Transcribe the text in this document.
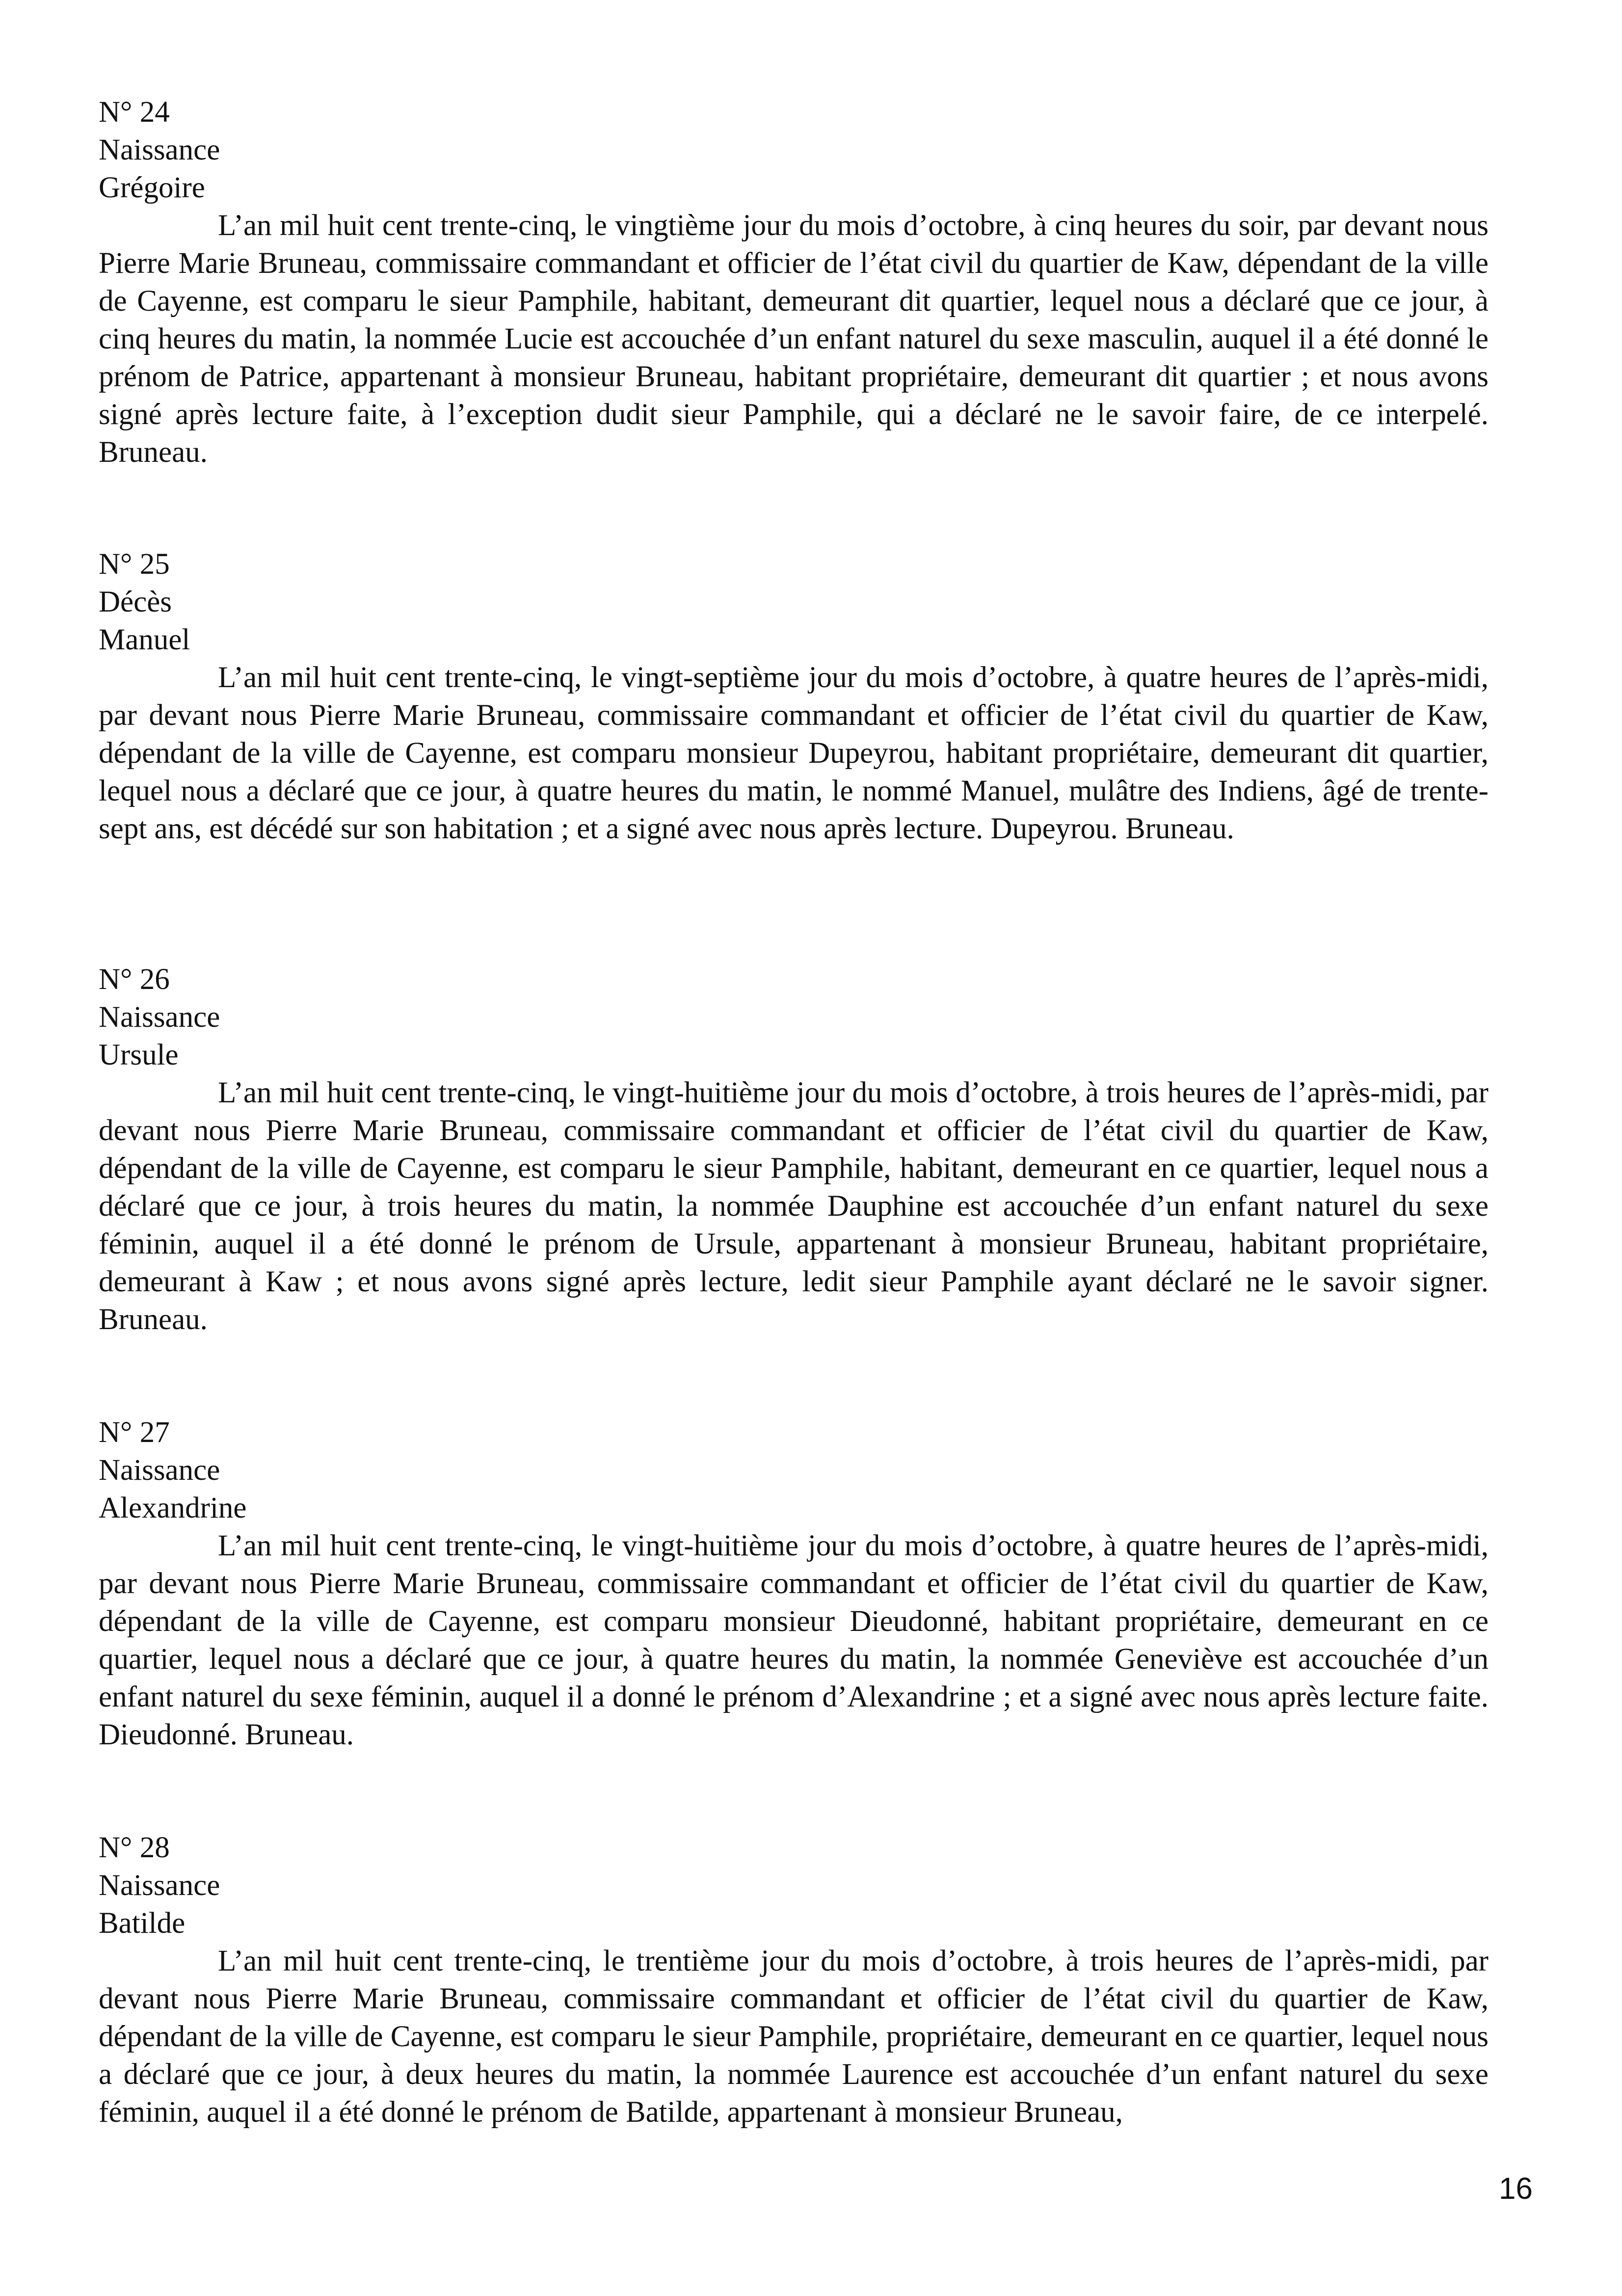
N° 24
Naissance
Grégoire

L’an mil huit cent trente-cinq, le vingtième jour du mois d’octobre, à cinq heures du soir, par devant nous Pierre Marie Bruneau, commissaire commandant et officier de l’état civil du quartier de Kaw, dépendant de la ville de Cayenne, est comparu le sieur Pamphile, habitant, demeurant dit quartier, lequel nous a déclaré que ce jour, à cinq heures du matin, la nommée Lucie est accouchée d’un enfant naturel du sexe masculin, auquel il a été donné le prénom de Patrice, appartenant à monsieur Bruneau, habitant propriétaire, demeurant dit quartier ; et nous avons signé après lecture faite, à l’exception dudit sieur Pamphile, qui a déclaré ne le savoir faire, de ce interpelé. Bruneau.

N° 25
Décès
Manuel

L’an mil huit cent trente-cinq, le vingt-septième jour du mois d’octobre, à quatre heures de l’après-midi, par devant nous Pierre Marie Bruneau, commissaire commandant et officier de l’état civil du quartier de Kaw, dépendant de la ville de Cayenne, est comparu monsieur Dupeyrou, habitant propriétaire, demeurant dit quartier, lequel nous a déclaré que ce jour, à quatre heures du matin, le nommé Manuel, mulâtre des Indiens, âgé de trente-sept ans, est décédé sur son habitation ; et a signé avec nous après lecture. Dupeyrou. Bruneau.

N° 26
Naissance
Ursule

L’an mil huit cent trente-cinq, le vingt-huitième jour du mois d’octobre, à trois heures de l’après-midi, par devant nous Pierre Marie Bruneau, commissaire commandant et officier de l’état civil du quartier de Kaw, dépendant de la ville de Cayenne, est comparu le sieur Pamphile, habitant, demeurant en ce quartier, lequel nous a déclaré que ce jour, à trois heures du matin, la nommée Dauphine est accouchée d’un enfant naturel du sexe féminin, auquel il a été donné le prénom de Ursule, appartenant à monsieur Bruneau, habitant propriétaire, demeurant à Kaw ; et nous avons signé après lecture, ledit sieur Pamphile ayant déclaré ne le savoir signer. Bruneau.

N° 27
Naissance
Alexandrine

L’an mil huit cent trente-cinq, le vingt-huitième jour du mois d’octobre, à quatre heures de l’après-midi, par devant nous Pierre Marie Bruneau, commissaire commandant et officier de l’état civil du quartier de Kaw, dépendant de la ville de Cayenne, est comparu monsieur Dieudonné, habitant propriétaire, demeurant en ce quartier, lequel nous a déclaré que ce jour, à quatre heures du matin, la nommée Geneviève est accouchée d’un enfant naturel du sexe féminin, auquel il a donné le prénom d’Alexandrine ; et a signé avec nous après lecture faite. Dieudonné. Bruneau.

N° 28
Naissance
Batilde

L’an mil huit cent trente-cinq, le trentième jour du mois d’octobre, à trois heures de l’après-midi, par devant nous Pierre Marie Bruneau, commissaire commandant et officier de l’état civil du quartier de Kaw, dépendant de la ville de Cayenne, est comparu le sieur Pamphile, propriétaire, demeurant en ce quartier, lequel nous a déclaré que ce jour, à deux heures du matin, la nommée Laurence est accouchée d’un enfant naturel du sexe féminin, auquel il a été donné le prénom de Batilde, appartenant à monsieur Bruneau,

16
